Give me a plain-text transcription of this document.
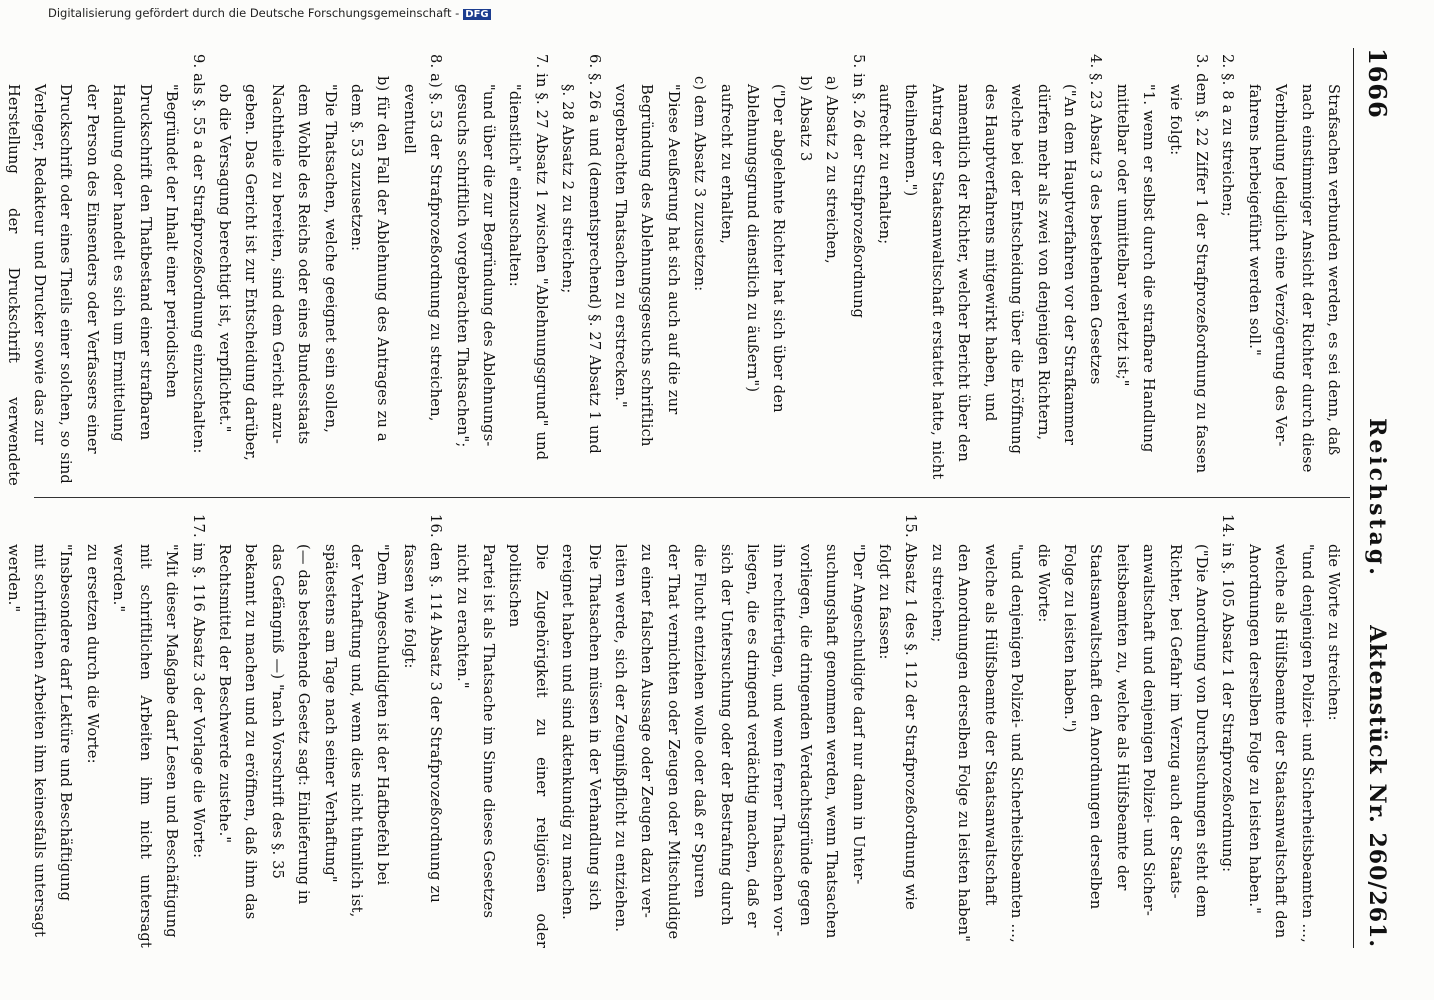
1666
Reichstag.
Aktenstück Nr. 260/261.

Strafsachen verbunden werden, es sei denn, daß

nach einstimmiger Ansicht der Richter durch diese

Verbindung lediglich eine Verzögerung des Ver-

fahrens herbeigeführt werden soll."

2. §. 8 a zu streichen;

3. dem §. 22 Ziffer 1 der Strafprozeßordnung zu fassen

wie folgt:

"1. wenn er selbst durch die strafbare Handlung

mittelbar oder unmittelbar verletzt ist;"

4. §. 23 Absatz 3 des bestehenden Gesetzes

("An dem Hauptverfahren vor der Strafkammer

dürfen mehr als zwei von denjenigen Richtern,

welche bei der Entscheidung über die Eröffnung

des Hauptverfahrens mitgewirkt haben, und

namentlich der Richter, welcher Bericht über den

Antrag der Staatsanwaltschaft erstattet hatte, nicht

theilnehmen.")

aufrecht zu erhalten;

5. in §. 26 der Strafprozeßordnung

a) Absatz 2 zu streichen,

b) Absatz 3

("Der abgelehnte Richter hat sich über den

Ablehnungsgrund dienstlich zu äußern")

aufrecht zu erhalten,

c) dem Absatz 3 zuzusetzen:

"Diese Aeußerung hat sich auch auf die zur

Begründung des Ablehnungsgesuchs schriftlich

vorgebrachten Thatsachen zu erstrecken."

6. §. 26 a und (dementsprechend) §. 27 Absatz 1 und

§. 28 Absatz 2 zu streichen;

7. in §. 27 Absatz 1 zwischen "Ablehnungsgrund" und

"dienstlich" einzuschalten:

"und über die zur Begründung des Ablehnungs-

gesuchs schriftlich vorgebrachten Thatsachen";

8. a) §. 53 der Strafprozeßordnung zu streichen,

eventuell

b) für den Fall der Ablehnung des Antrages zu a

dem §. 53 zuzusetzen:

"Die Thatsachen, welche geeignet sein sollen,

dem Wohle des Reichs oder eines Bundesstaats

Nachtheile zu bereiten, sind dem Gericht anzu-

geben. Das Gericht ist zur Entscheidung darüber,

ob die Versagung berechtigt ist, verpflichtet."

9. als §. 55 a der Strafprozeßordnung einzuschalten:

"Begründet der Inhalt einer periodischen

Druckschrift den Thatbestand einer strafbaren

Handlung oder handelt es sich um Ermittelung

der Person des Einsenders oder Verfassers einer

Druckschrift oder eines Theils einer solchen, so sind

Verleger, Redakteur und Drucker sowie das zur

Herstellung der Druckschrift verwendete

die Worte zu streichen:

"und denjenigen Polizei- und Sicherheitsbeamten …,

welche als Hülfsbeamte der Staatsanwaltschaft den

Anordnungen derselben Folge zu leisten haben."

14. in §. 105 Absatz 1 der Strafprozeßordnung:

("Die Anordnung von Durchsuchungen steht dem

Richter, bei Gefahr im Verzug auch der Staats-

anwaltschaft und denjenigen Polizei- und Sicher-

heitsbeamten zu, welche als Hülfsbeamte der

Staatsanwaltschaft den Anordnungen derselben

Folge zu leisten haben.")

die Worte:

"und denjenigen Polizei- und Sicherheitsbeamten …,

welche als Hülfsbeamte der Staatsanwaltschaft

den Anordnungen derselben Folge zu leisten haben"

zu streichen;

15. Absatz 1 des §. 112 der Strafprozeßordnung wie

folgt zu fassen:

"Der Angeschuldigte darf nur dann in Unter-

suchungshaft genommen werden, wenn Thatsachen

vorliegen, die dringenden Verdachtsgründe gegen

ihn rechtfertigen, und wenn ferner Thatsachen vor-

liegen, die es dringend verdächtig machen, daß er

sich der Untersuchung oder der Bestrafung durch

die Flucht entziehen wolle oder daß er Spuren

der That vernichten oder Zeugen oder Mitschuldige

zu einer falschen Aussage oder Zeugen dazu ver-

leiten werde, sich der Zeugnißpflicht zu entziehen.

Die Thatsachen müssen in der Verhandlung sich

ereignet haben und sind aktenkundig zu machen.

Die Zugehörigkeit zu einer religiösen oder politischen

Partei ist als Thatsache im Sinne dieses Gesetzes

nicht zu erachten."

16. den §. 114 Absatz 3 der Strafprozeßordnung zu

fassen wie folgt:

"Dem Angeschuldigten ist der Haftbefehl bei

der Verhaftung und, wenn dies nicht thunlich ist,

spätestens am Tage nach seiner Verhaftung"

(— das bestehende Gesetz sagt: Einlieferung in

das Gefängniß —) "nach Vorschrift des §. 35

bekannt zu machen und zu eröffnen, daß ihm das

Rechtsmittel der Beschwerde zustehe."

17. im §. 116 Absatz 3 der Vorlage die Worte:

"Mit dieser Maßgabe darf Lesen und Beschäftigung

mit schriftlichen Arbeiten ihm nicht untersagt werden."

zu ersetzen durch die Worte:

"Insbesondere darf Lektüre und Beschäftigung

mit schriftlichen Arbeiten ihm keinesfalls untersagt

werden."

Digitalisierung gefördert durch die Deutsche Forschungsgemeinschaft - DFG
